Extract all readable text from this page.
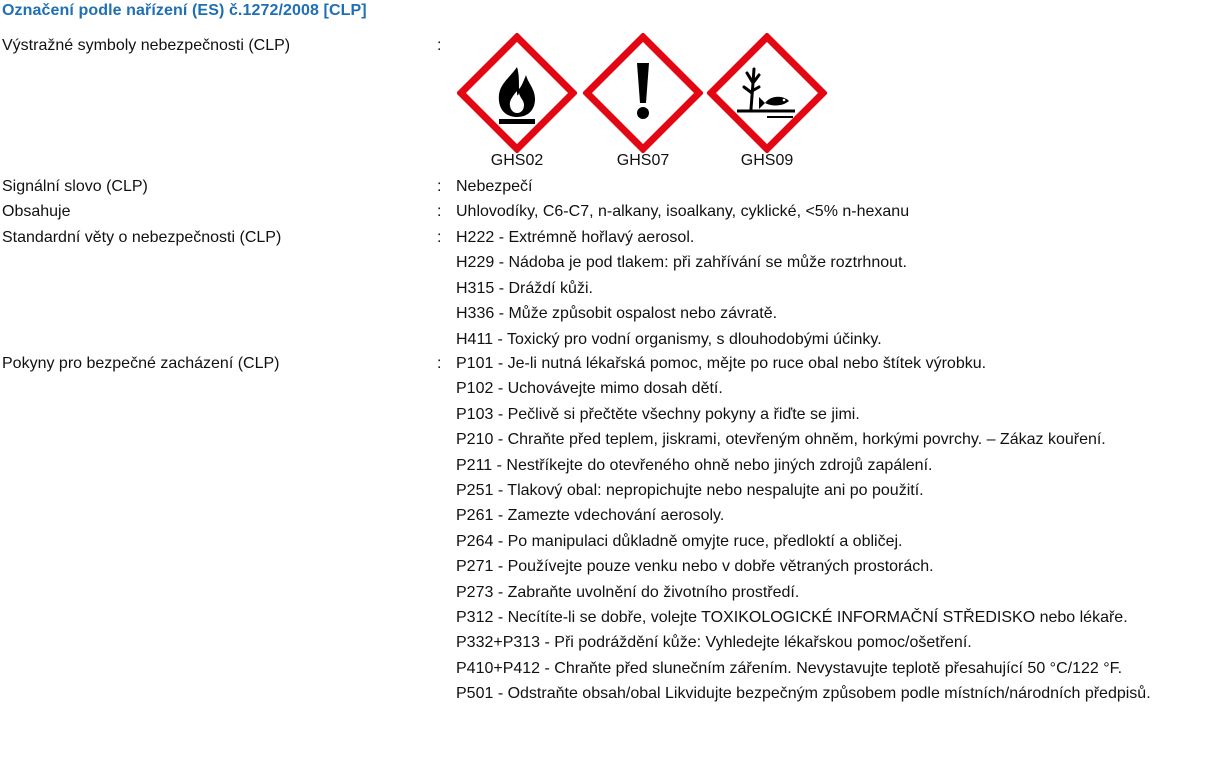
Označení podle nařízení (ES) č.1272/2008 [CLP]
Výstražné symboly nebezpečnosti (CLP)	:
GHS02	GHS07	GHS09
Signální slovo (CLP)	: Nebezpečí
Obsahuje	: Uhlovodíky, C6-C7, n-alkany, isoalkany, cyklické, <5% n-hexanu
Standardní věty o nebezpečnosti (CLP)	: H222 - Extrémně hořlavý aerosol.
H229 - Nádoba je pod tlakem: při zahřívání se může roztrhnout.
H315 - Dráždí kůži.
H336 - Může způsobit ospalost nebo závratě.
H411 - Toxický pro vodní organismy, s dlouhodobými účinky.
Pokyny pro bezpečné zacházení (CLP)	: P101 - Je-li nutná lékařská pomoc, mějte po ruce obal nebo štítek výrobku.
P102 - Uchovávejte mimo dosah dětí.
P103 - Pečlivě si přečtěte všechny pokyny a řiďte se jimi.
P210 - Chraňte před teplem, jiskrami, otevřeným ohněm, horkými povrchy. – Zákaz kouření.
P211 - Nestříkejte do otevřeného ohně nebo jiných zdrojů zapálení.
P251 - Tlakový obal: nepropichujte nebo nespalujte ani po použití.
P261 - Zamezte vdechování aerosoly.
P264 - Po manipulaci důkladně omyjte ruce, předloktí a obličej.
P271 - Používejte pouze venku nebo v dobře větraných prostorách.
P273 - Zabraňte uvolnění do životního prostředí.
P312 - Necítíte-li se dobře, volejte TOXIKOLOGICKÉ INFORMAČNÍ STŘEDISKO nebo lékaře.
P332+P313 - Při podráždění kůže: Vyhledejte lékařskou pomoc/ošetření.
P410+P412 - Chraňte před slunečním zářením. Nevystavujte teplotě přesahující 50 °C/122 °F.
P501 - Odstraňte obsah/obal Likvidujte bezpečným způsobem podle místních/národních předpisů.
